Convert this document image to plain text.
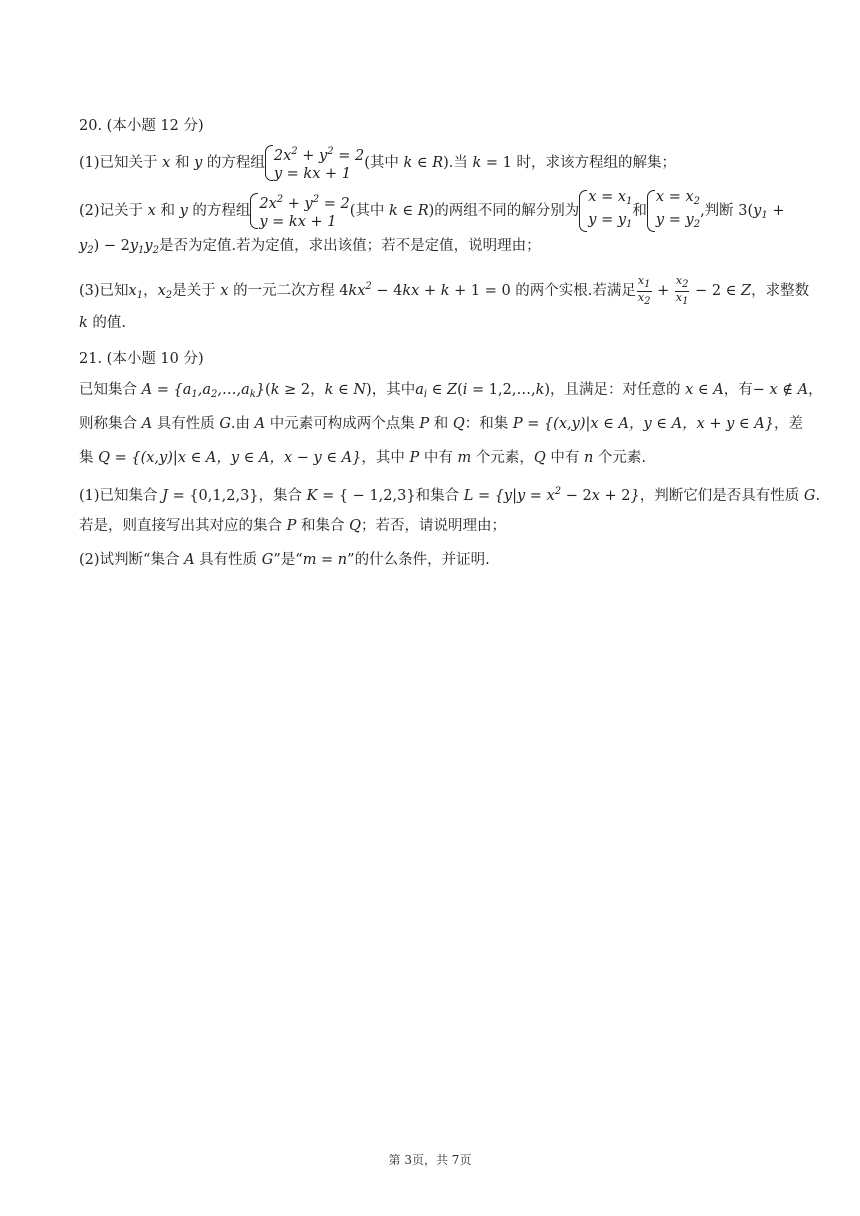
20. (本小题 12 分)
(1)已知关于 x 和 y 的方程组 $2x^2 + y^2 = 2$
y = kx + 1
(其中 k ∈ R).当 k = 1 时，求该方程组的解集；
(2)记关于 x 和 y 的方程组 $2x^2 + y^2 = 2$
y = kx + 1
(其中 k ∈ R)的两组不同的解分别为
$x = x_1$
$y = y_1$
和
$x = x_2$
$y = y_2$
,判断 $3(y_1$ +
$y_2) - 2y_1y_2$是否为定值.若为定值，求出该值；若不是定值，说明理由；
(3)已知$x_1$，$x_2$是关于 x 的一元二次方程 $4kx^2 - 4kx + k + 1 = 0$ 的两个实根.若满足 $\frac{x_1}{x_2} + \frac{x_2}{x_1} - 2$ ∈ Z，求整数
k 的值.
21. (本小题 10 分)
已知集合 $A = \{a_1,a_2,\dots,a_k\}(k \ge 2$，k ∈ N)，其中$a_i$ ∈ Z(i = 1,2,…,k)，且满足：对任意的 x ∈ A，有− x ∉ A，
则称集合 A 具有性质 G.由 A 中元素可构成两个点集 P 和 Q：和集 P = {(x,y)|x ∈ A，y ∈ A，x + y ∈ A}，差
集 Q = {(x,y)|x ∈ A，y ∈ A，x − y ∈ A}，其中 P 中有 m 个元素，Q 中有 n 个元素.
(1)已知集合 J = {0,1,2,3}，集合 K = { − 1,2,3}和集合 $L = \{y|y = x^2 - 2x + 2\}$，判断它们是否具有性质 G.
若是，则直接写出其对应的集合 P 和集合 Q；若否，请说明理由；
(2)试判断“集合 A 具有性质 G”是“m = n”的什么条件，并证明.
第 3页，共 7页
